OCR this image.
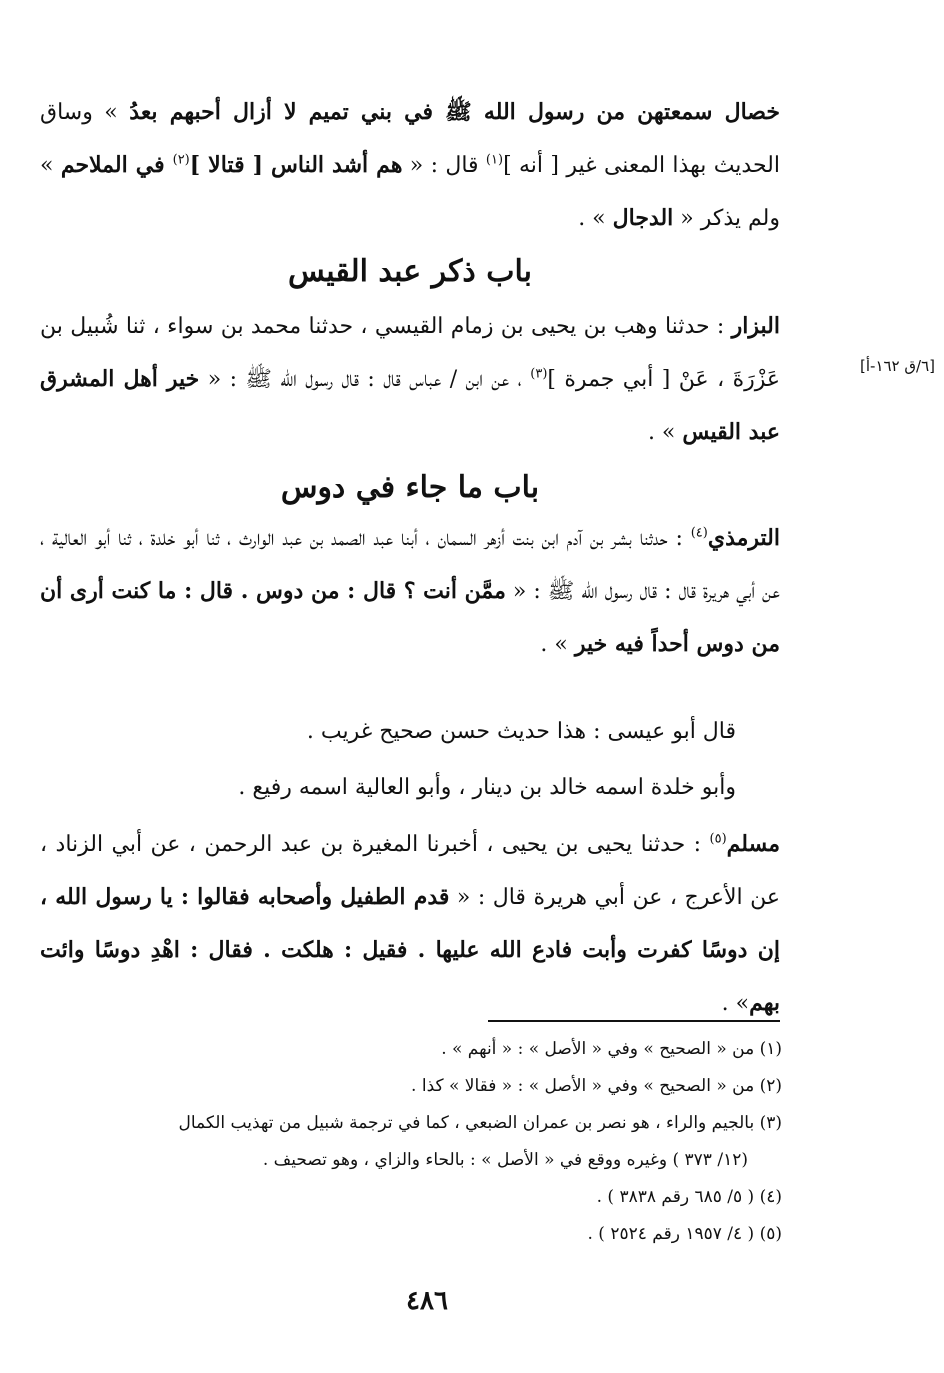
خصال سمعتهن من رسول الله ﷺ في بني تميم لا أزال أحبهم بعدُ » وساق الحديث بهذا المعنى غير [ أنه ]$^{(١)}$ قال : « هم أشد الناس [ قتالا ]$^{(٢)}$ في الملاحم » ولم يذكر « الدجال » .

باب ذكر عبد القيس

البزار : حدثنا وهب بن يحيى بن زمام القيسي ، حدثنا محمد بن سواء ، ثنا شُبيل بن عَزْرَةَ ، عَنْ [ أبي جمرة ]$^{(٣)}$ ، عن ابن / عباس قال : قال رسول الله ﷺ : « خير أهل المشرق عبد القيس » .

[٦/ق ١٦٢-أ]
باب ما جاء في دوس

الترمذي$^{(٤)}$ : حدثنا بشر بن آدم ابن بنت أزهر السمان ، أبنا عبد الصمد بن عبد الوارث ، ثنا أبو خلدة ، ثنا أبو العالية ، عن أبي هريرة قال : قال رسول الله ﷺ : « ممَّن أنت ؟ قال : من دوس . قال : ما كنت أرى أن من دوس أحداً فيه خير » .

قال أبو عيسى : هذا حديث حسن صحيح غريب .

وأبو خلدة اسمه خالد بن دينار ، وأبو العالية اسمه رفيع .

مسلم$^{(٥)}$ : حدثنا يحيى بن يحيى ، أخبرنا المغيرة بن عبد الرحمن ، عن أبي الزناد ، عن الأعرج ، عن أبي هريرة قال : « قدم الطفيل وأصحابه فقالوا : يا رسول الله ، إن دوسًا كفرت وأبت فادع الله عليها . فقيل : هلكت . فقال : اهْدِ دوسًا وائت بهم» .

(١) من « الصحيح » وفي « الأصل » : « أنهم » .

(٢) من « الصحيح » وفي « الأصل » : « فقالا » كذا .

(٣) بالجيم والراء ، هو نصر بن عمران الضبعي ، كما في ترجمة شبيل من تهذيب الكمال

(١٢/ ٣٧٣ ) وغيره ووقع في « الأصل » : بالحاء والزاي ، وهو تصحيف .

(٤) ( ٥/ ٦٨٥ رقم ٣٨٣٨ ) .

(٥) ( ٤/ ١٩٥٧ رقم ٢٥٢٤ ) .

٤٨٦
